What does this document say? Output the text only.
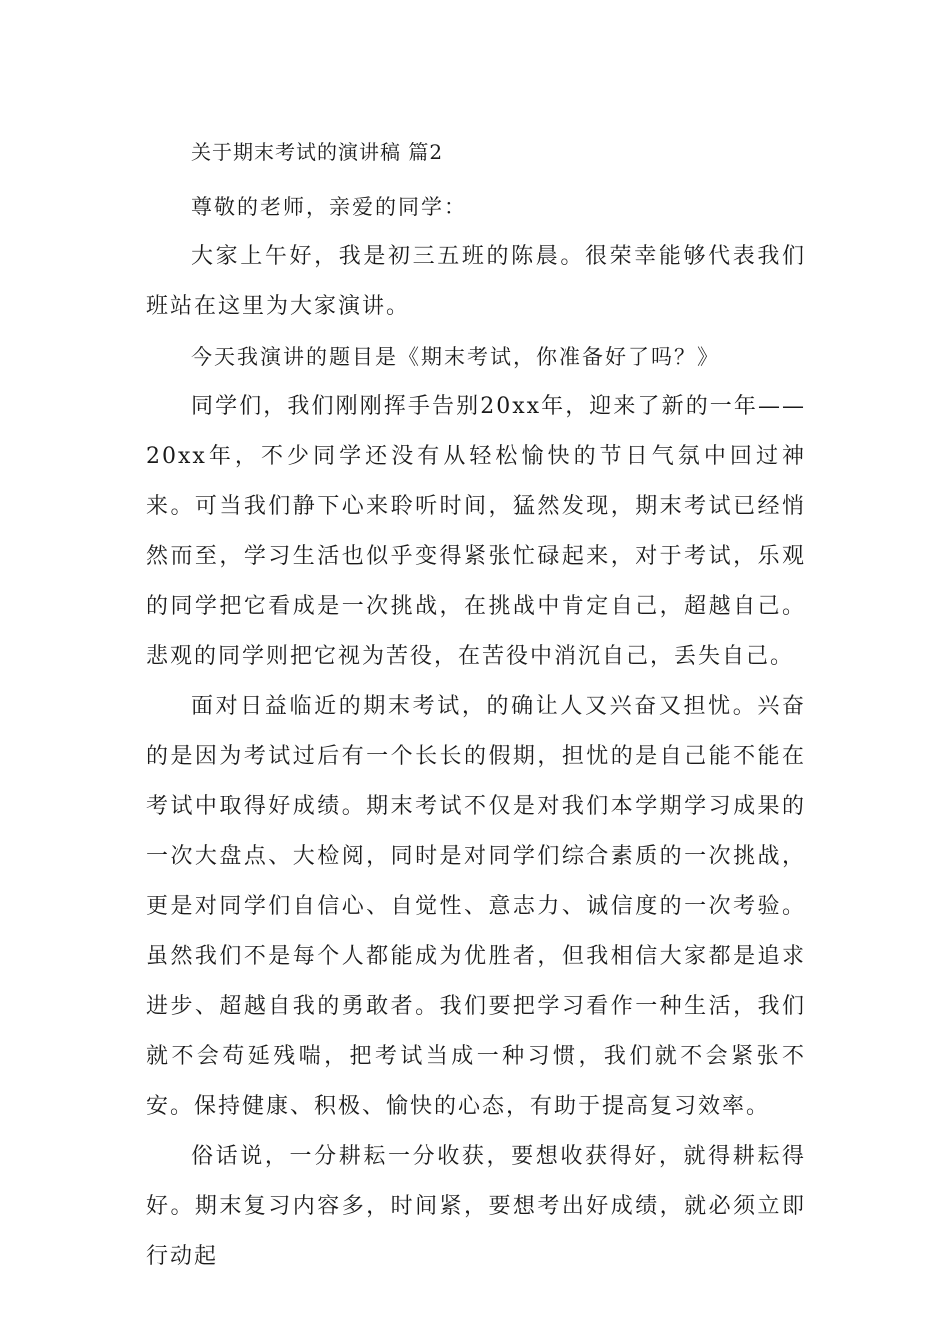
关于期末考试的演讲稿 篇2

尊敬的老师，亲爱的同学：

大家上午好，我是初三五班的陈晨。很荣幸能够代表我们班站在这里为大家演讲。

今天我演讲的题目是《期末考试，你准备好了吗？》

同学们，我们刚刚挥手告别20xx年，迎来了新的一年——20xx年，不少同学还没有从轻松愉快的节日气氛中回过神来。可当我们静下心来聆听时间，猛然发现，期末考试已经悄然而至，学习生活也似乎变得紧张忙碌起来，对于考试，乐观的同学把它看成是一次挑战，在挑战中肯定自己，超越自己。悲观的同学则把它视为苦役，在苦役中消沉自己，丢失自己。

面对日益临近的期末考试，的确让人又兴奋又担忧。兴奋的是因为考试过后有一个长长的假期，担忧的是自己能不能在考试中取得好成绩。期末考试不仅是对我们本学期学习成果的一次大盘点、大检阅，同时是对同学们综合素质的一次挑战，更是对同学们自信心、自觉性、意志力、诚信度的一次考验。虽然我们不是每个人都能成为优胜者，但我相信大家都是追求进步、超越自我的勇敢者。我们要把学习看作一种生活，我们就不会苟延残喘，把考试当成一种习惯，我们就不会紧张不安。保持健康、积极、愉快的心态，有助于提高复习效率。

俗话说，一分耕耘一分收获，要想收获得好，就得耕耘得好。期末复习内容多，时间紧，要想考出好成绩，就必须立即行动起
